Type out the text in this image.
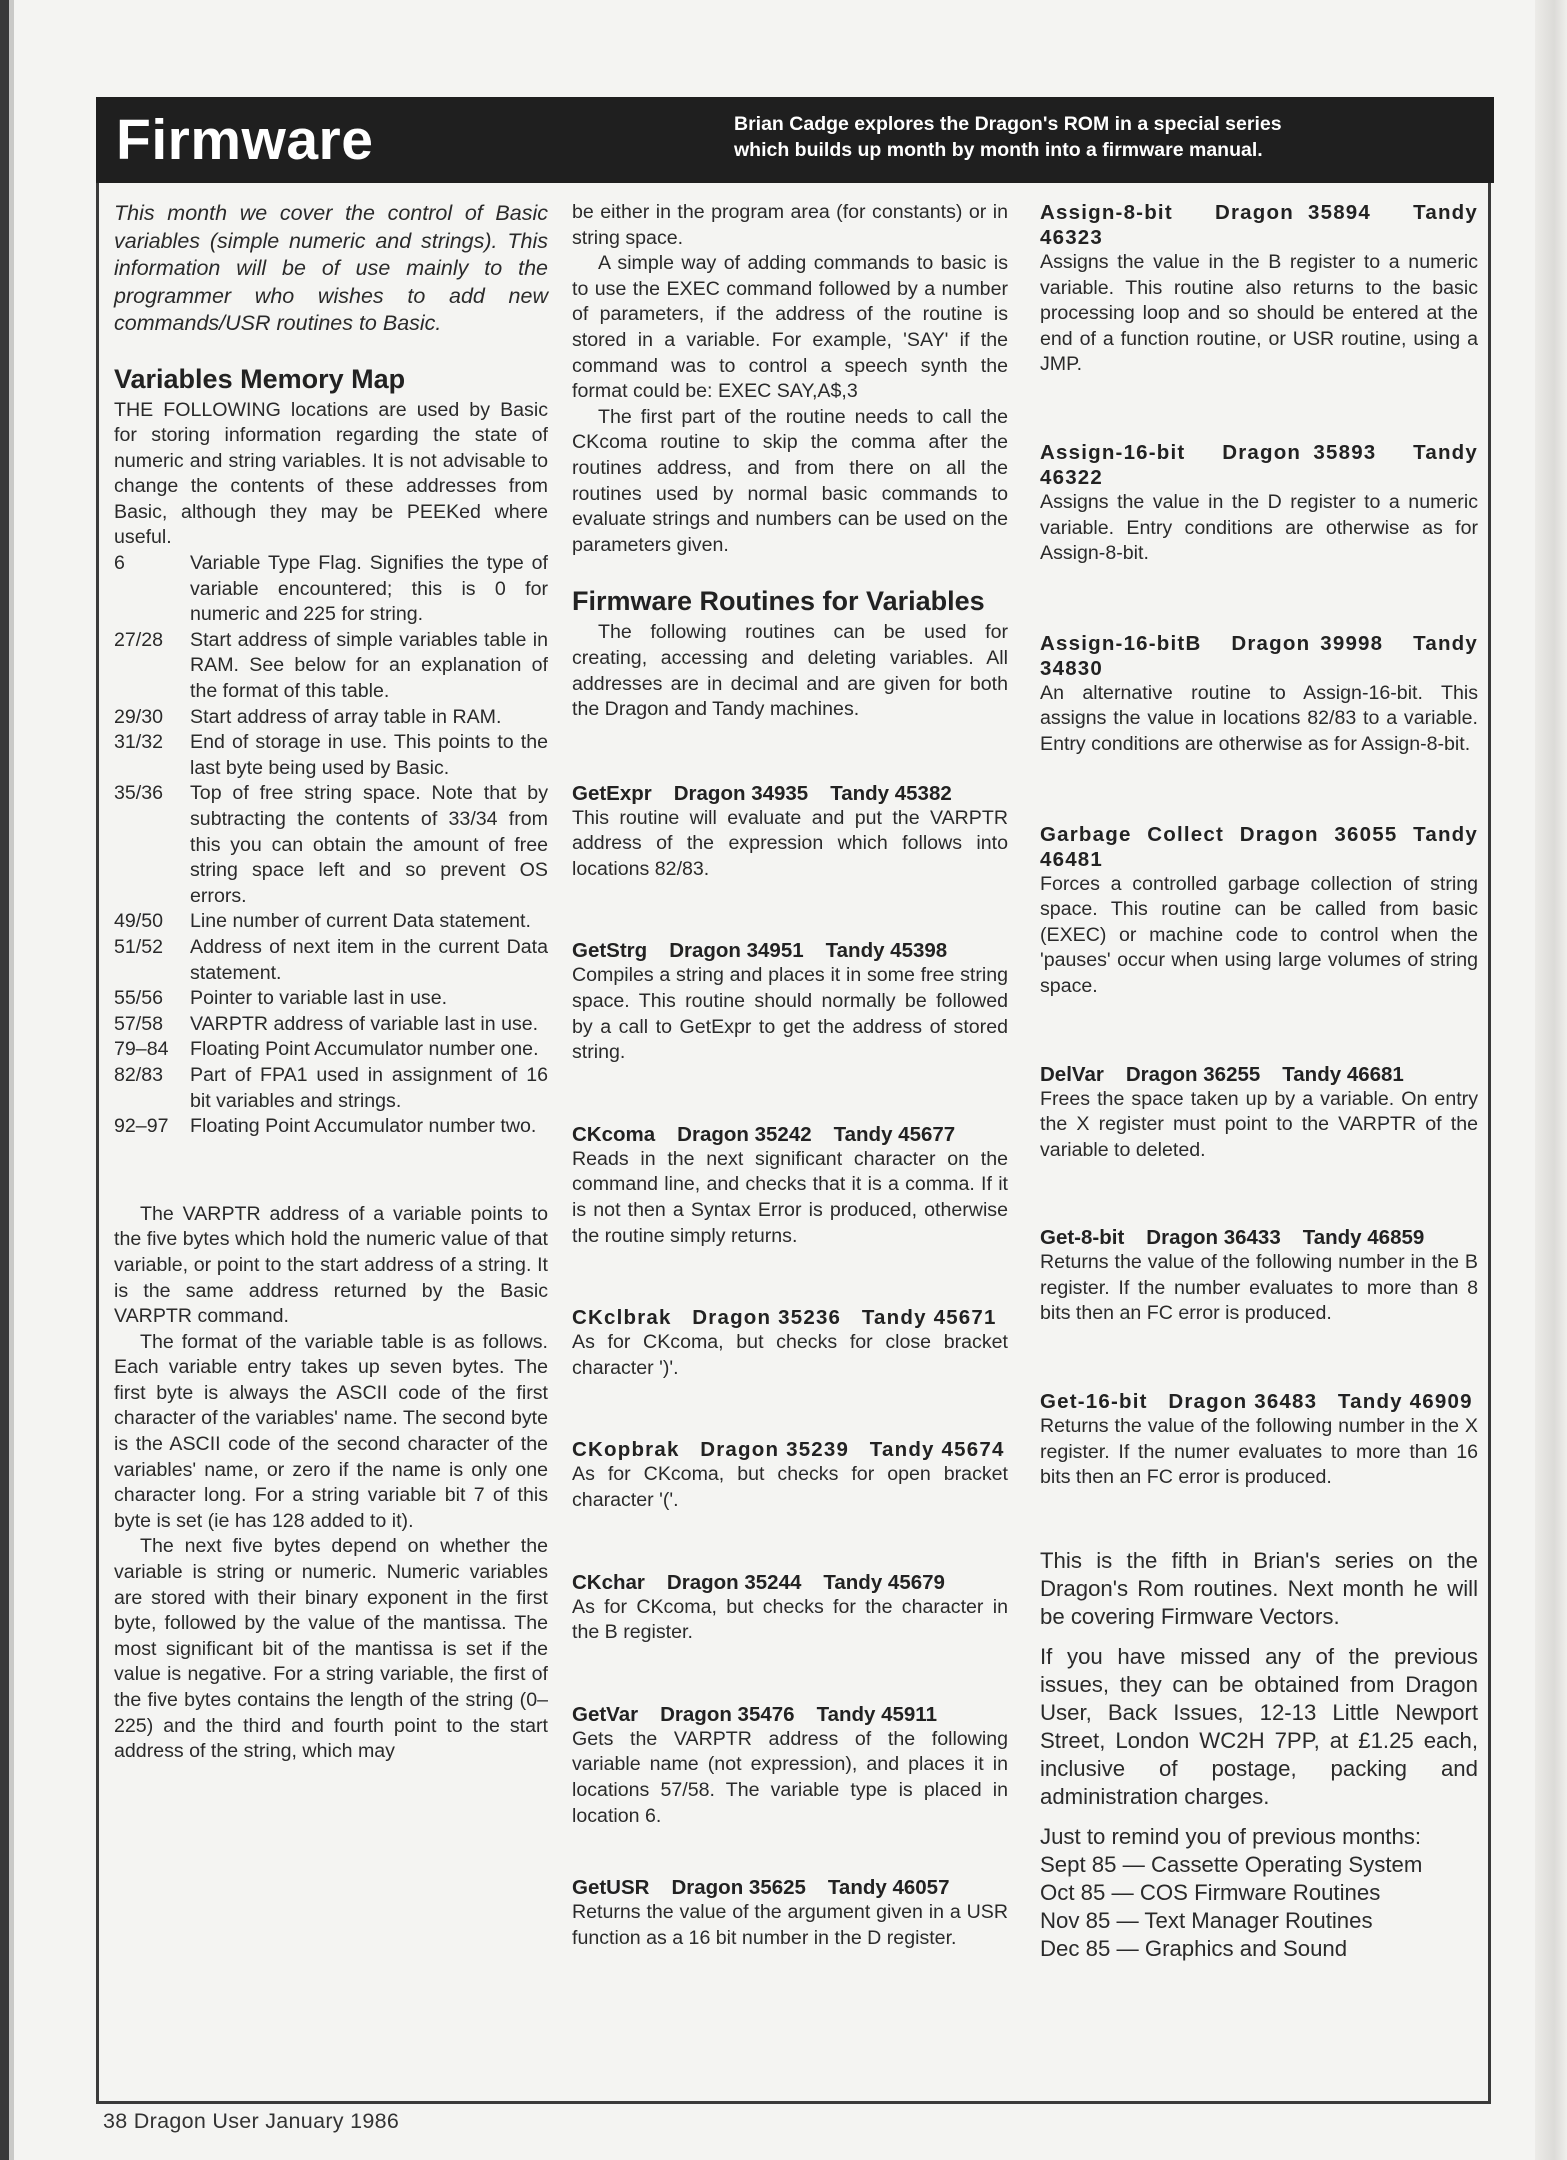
Firmware	Brian Cadge explores the Dragon's ROM in a special series
which builds up month by month into a firmware manual.

This month we cover the control of Basic variables (simple numeric and strings). This information will be of use mainly to the programmer who wishes to add new commands/USR routines to Basic.

Variables Memory Map

THE FOLLOWING locations are used by Basic for storing information regarding the state of numeric and string variables. It is not advisable to change the contents of these addresses from Basic, although they may be PEEKed where useful.

6	Variable Type Flag. Signifies the type of variable encountered; this is 0 for numeric and 225 for string.
27/28	Start address of simple variables table in RAM. See below for an explanation of the format of this table.
29/30	Start address of array table in RAM.
31/32	End of storage in use. This points to the last byte being used by Basic.
35/36	Top of free string space. Note that by subtracting the contents of 33/34 from this you can obtain the amount of free string space left and so prevent OS errors.
49/50	Line number of current Data statement.
51/52	Address of next item in the current Data statement.
55/56	Pointer to variable last in use.
57/58	VARPTR address of variable last in use.
79–84	Floating Point Accumulator number one.
82/83	Part of FPA1 used in assignment of 16 bit variables and strings.
92–97	Floating Point Accumulator number two.

The VARPTR address of a variable points to the five bytes which hold the numeric value of that variable, or point to the start address of a string. It is the same address returned by the Basic VARPTR command.

The format of the variable table is as follows. Each variable entry takes up seven bytes. The first byte is always the ASCII code of the first character of the variables' name. The second byte is the ASCII code of the second character of the variables' name, or zero if the name is only one character long. For a string variable bit 7 of this byte is set (ie has 128 added to it).

The next five bytes depend on whether the variable is string or numeric. Numeric variables are stored with their binary exponent in the first byte, followed by the value of the mantissa. The most significant bit of the mantissa is set if the value is negative. For a string variable, the first of the five bytes contains the length of the string (0–225) and the third and fourth point to the start address of the string, which may

be either in the program area (for constants) or in string space.

A simple way of adding commands to basic is to use the EXEC command followed by a number of parameters, if the address of the routine is stored in a variable. For example, 'SAY' if the command was to control a speech synth the format could be: EXEC SAY,A$,3

The first part of the routine needs to call the CKcoma routine to skip the comma after the routines address, and from there on all the routines used by normal basic commands to evaluate strings and numbers can be used on the parameters given.

Firmware Routines for Variables

The following routines can be used for creating, accessing and deleting variables. All addresses are in decimal and are given for both the Dragon and Tandy machines.

GetExpr Dragon 34935 Tandy 45382

This routine will evaluate and put the VARPTR address of the expression which follows into locations 82/83.

GetStrg Dragon 34951 Tandy 45398

Compiles a string and places it in some free string space. This routine should normally be followed by a call to GetExpr to get the address of stored string.

CKcoma Dragon 35242 Tandy 45677

Reads in the next significant character on the command line, and checks that it is a comma. If it is not then a Syntax Error is produced, otherwise the routine simply returns.

CKclbrak Dragon 35236 Tandy 45671

As for CKcoma, but checks for close bracket character ')'.

CKopbrak Dragon 35239 Tandy 45674

As for CKcoma, but checks for open bracket character '('.

CKchar Dragon 35244 Tandy 45679

As for CKcoma, but checks for the character in the B register.

GetVar Dragon 35476 Tandy 45911

Gets the VARPTR address of the following variable name (not expression), and places it in locations 57/58. The variable type is placed in location 6.

GetUSR Dragon 35625 Tandy 46057

Returns the value of the argument given in a USR function as a 16 bit number in the D register.

Assign-8-bit Dragon 35894 Tandy 46323

Assigns the value in the B register to a numeric variable. This routine also returns to the basic processing loop and so should be entered at the end of a function routine, or USR routine, using a JMP.

Assign-16-bit Dragon 35893 Tandy 46322

Assigns the value in the D register to a numeric variable. Entry conditions are otherwise as for Assign-8-bit.

Assign-16-bitB Dragon 39998 Tandy 34830

An alternative routine to Assign-16-bit. This assigns the value in locations 82/83 to a variable. Entry conditions are otherwise as for Assign-8-bit.

Garbage Collect Dragon 36055 Tandy 46481

Forces a controlled garbage collection of string space. This routine can be called from basic (EXEC) or machine code to control when the 'pauses' occur when using large volumes of string space.

DelVar Dragon 36255 Tandy 46681

Frees the space taken up by a variable. On entry the X register must point to the VARPTR of the variable to deleted.

Get-8-bit Dragon 36433 Tandy 46859

Returns the value of the following number in the B register. If the number evaluates to more than 8 bits then an FC error is produced.

Get-16-bit Dragon 36483 Tandy 46909

Returns the value of the following number in the X register. If the numer evaluates to more than 16 bits then an FC error is produced.

This is the fifth in Brian's series on the Dragon's Rom routines. Next month he will be covering Firmware Vectors.

If you have missed any of the previous issues, they can be obtained from Dragon User, Back Issues, 12-13 Little Newport Street, London WC2H 7PP, at £1.25 each, inclusive of postage, packing and administration charges.

Just to remind you of previous months:
Sept 85 — Cassette Operating System
Oct 85 — COS Firmware Routines
Nov 85 — Text Manager Routines
Dec 85 — Graphics and Sound
38 Dragon User January 1986
